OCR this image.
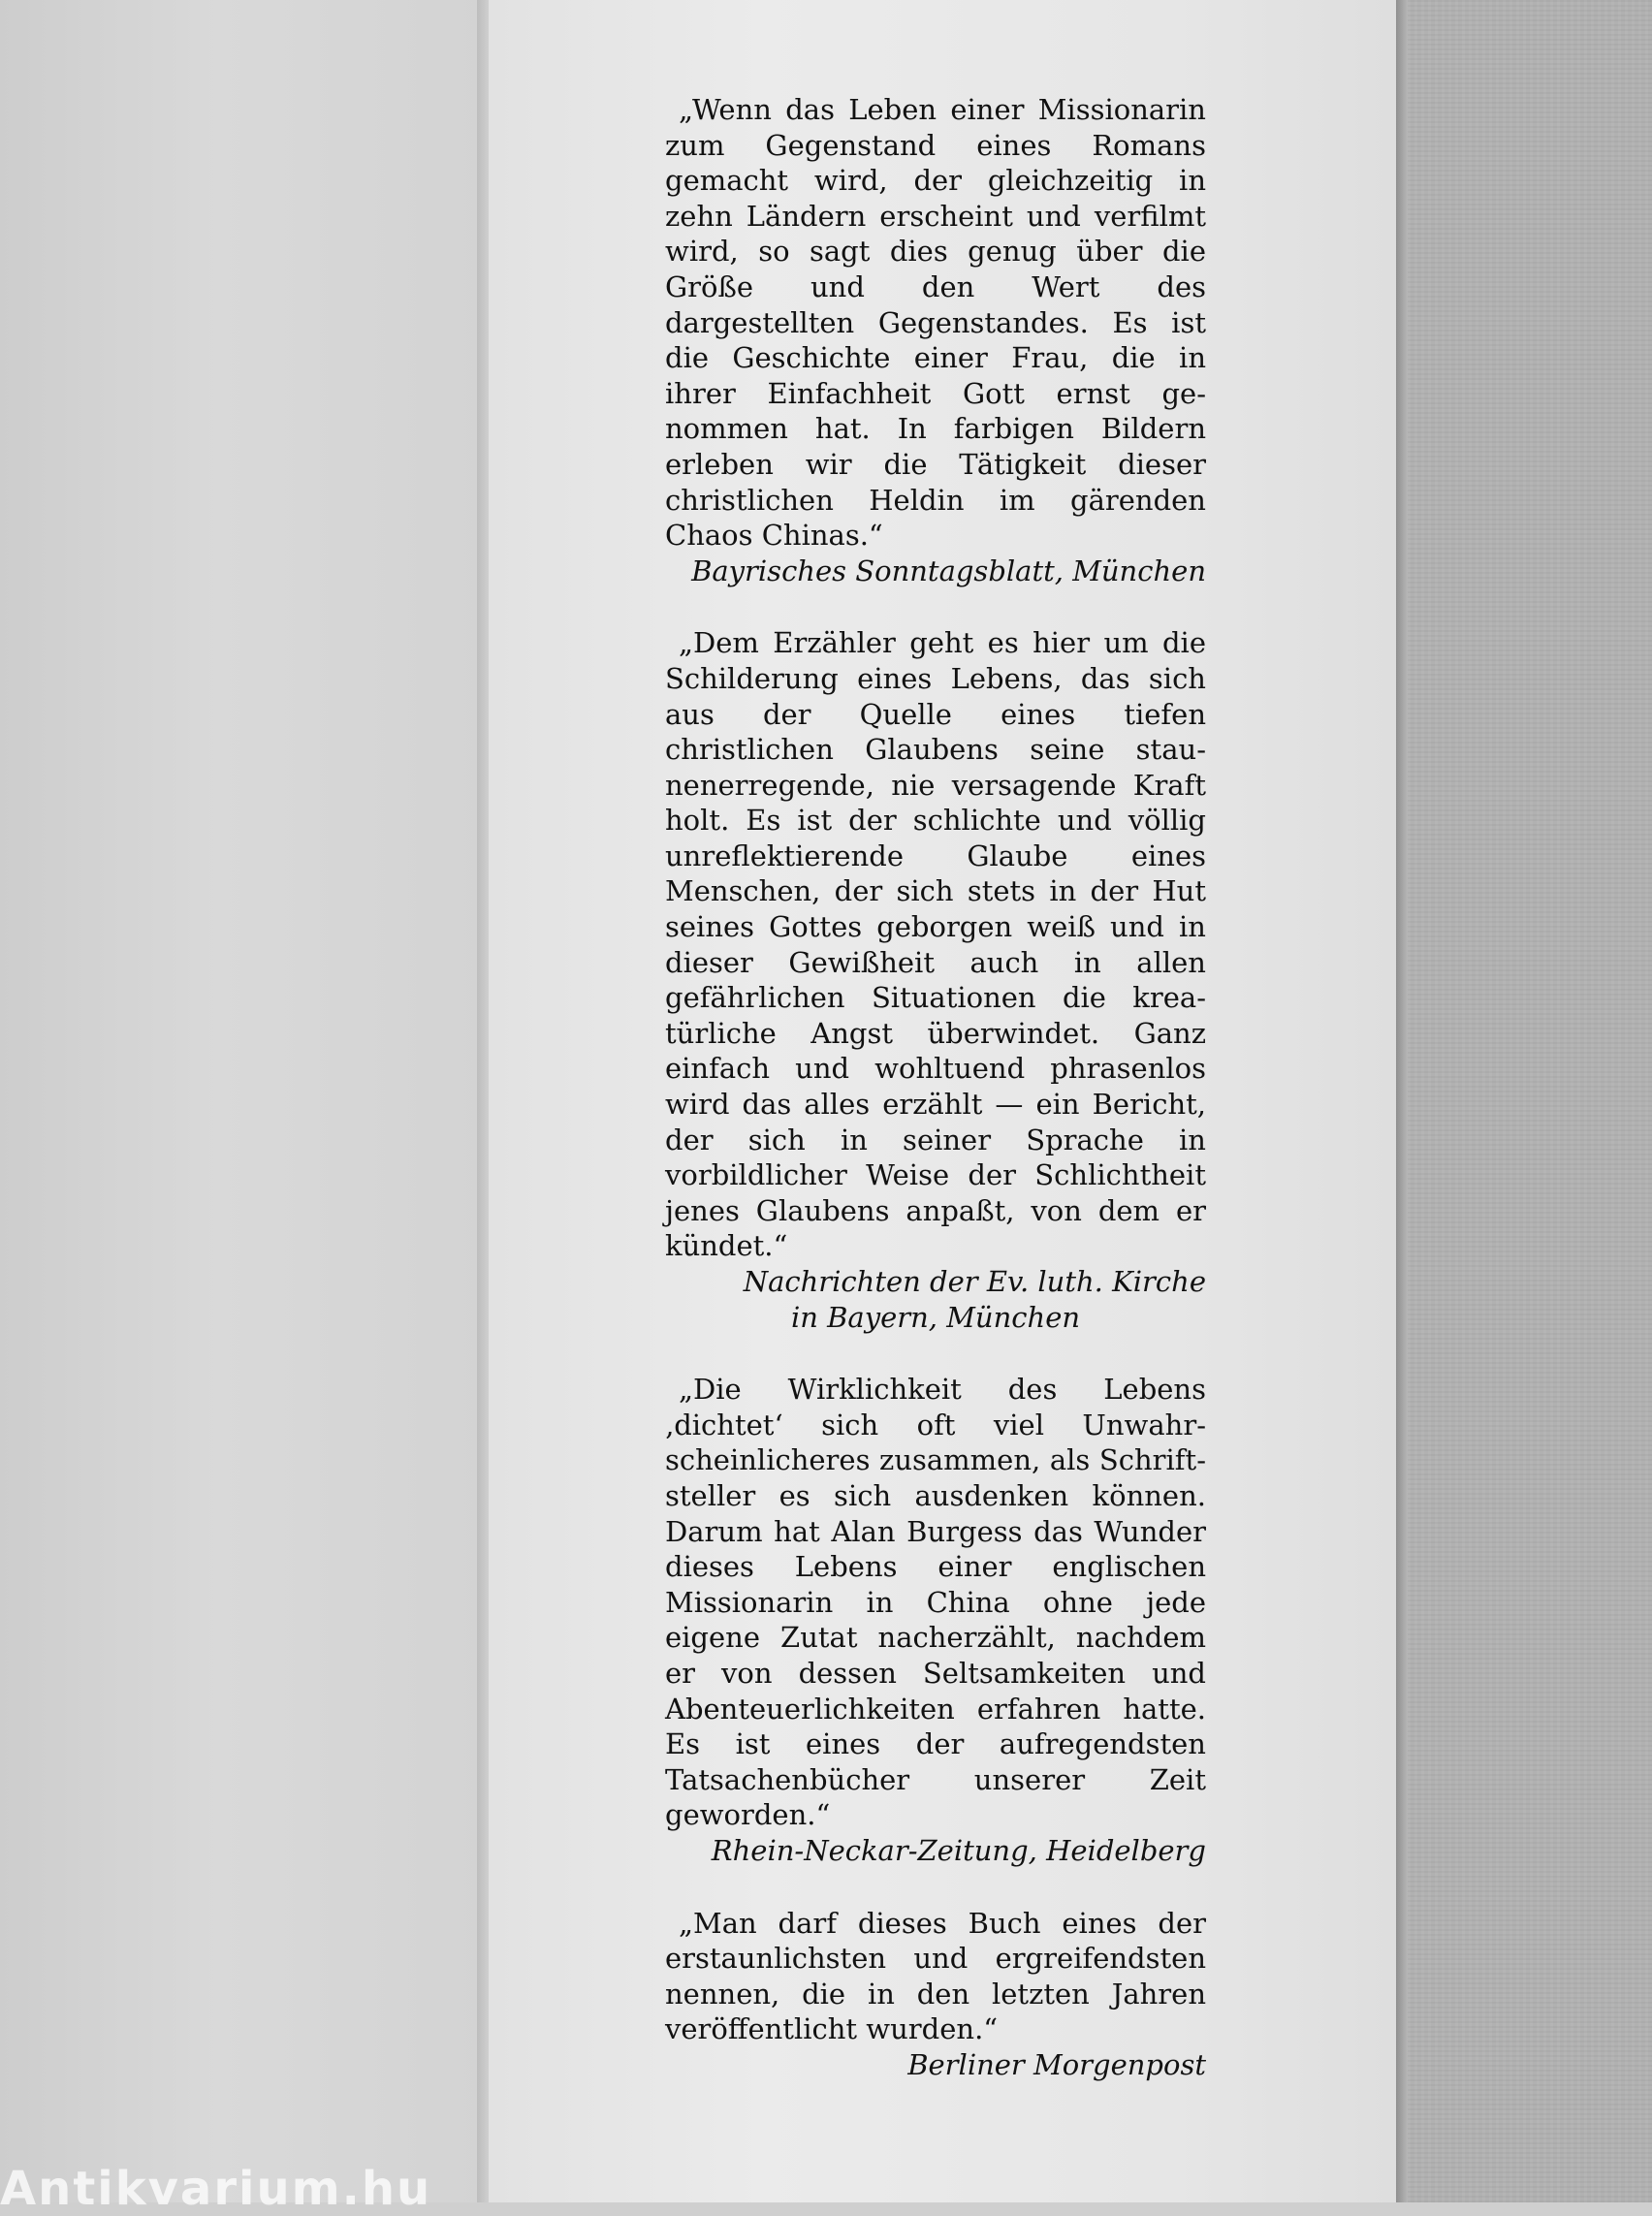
„Wenn das Leben einer Missionarin zum Gegenstand eines Romans gemacht wird, der gleichzeitig in zehn Ländern erscheint und verfilmt wird, so sagt dies genug über die Größe und den Wert des dargestellten Gegenstandes. Es ist die Geschichte einer Frau, die in ihrer Einfachheit Gott ernst genommen hat. In farbigen Bildern erleben wir die Tätigkeit dieser christlichen Heldin im gärenden Chaos Chinas.“

Bayrisches Sonntagsblatt, München

„Dem Erzähler geht es hier um die Schilderung eines Lebens, das sich aus der Quelle eines tiefen christlichen Glaubens seine staunenerregende, nie versagende Kraft holt. Es ist der schlichte und völlig unreflektierende Glaube eines Menschen, der sich stets in der Hut seines Gottes geborgen weiß und in dieser Gewißheit auch in allen gefährlichen Situationen die kreatürliche Angst überwindet. Ganz einfach und wohltuend phrasenlos wird das alles erzählt — ein Bericht, der sich in seiner Sprache in vorbildlicher Weise der Schlichtheit jenes Glaubens anpaßt, von dem er kündet.“

Nachrichten der Ev. luth. Kirche
in Bayern, München

„Die Wirklichkeit des Lebens ‚dichtet‘ sich oft viel Unwahrscheinlicheres zusammen, als Schriftsteller es sich ausdenken können. Darum hat Alan Burgess das Wunder dieses Lebens einer englischen Missionarin in China ohne jede eigene Zutat nacherzählt, nachdem er von dessen Seltsamkeiten und Abenteuerlichkeiten erfahren hatte. Es ist eines der aufregendsten Tatsachenbücher unserer Zeit geworden.“

Rhein-Neckar-Zeitung, Heidelberg

„Man darf dieses Buch eines der erstaunlichsten und ergreifendsten nennen, die in den letzten Jahren veröffentlicht wurden.“

Berliner Morgenpost

Antikvarium.hu
